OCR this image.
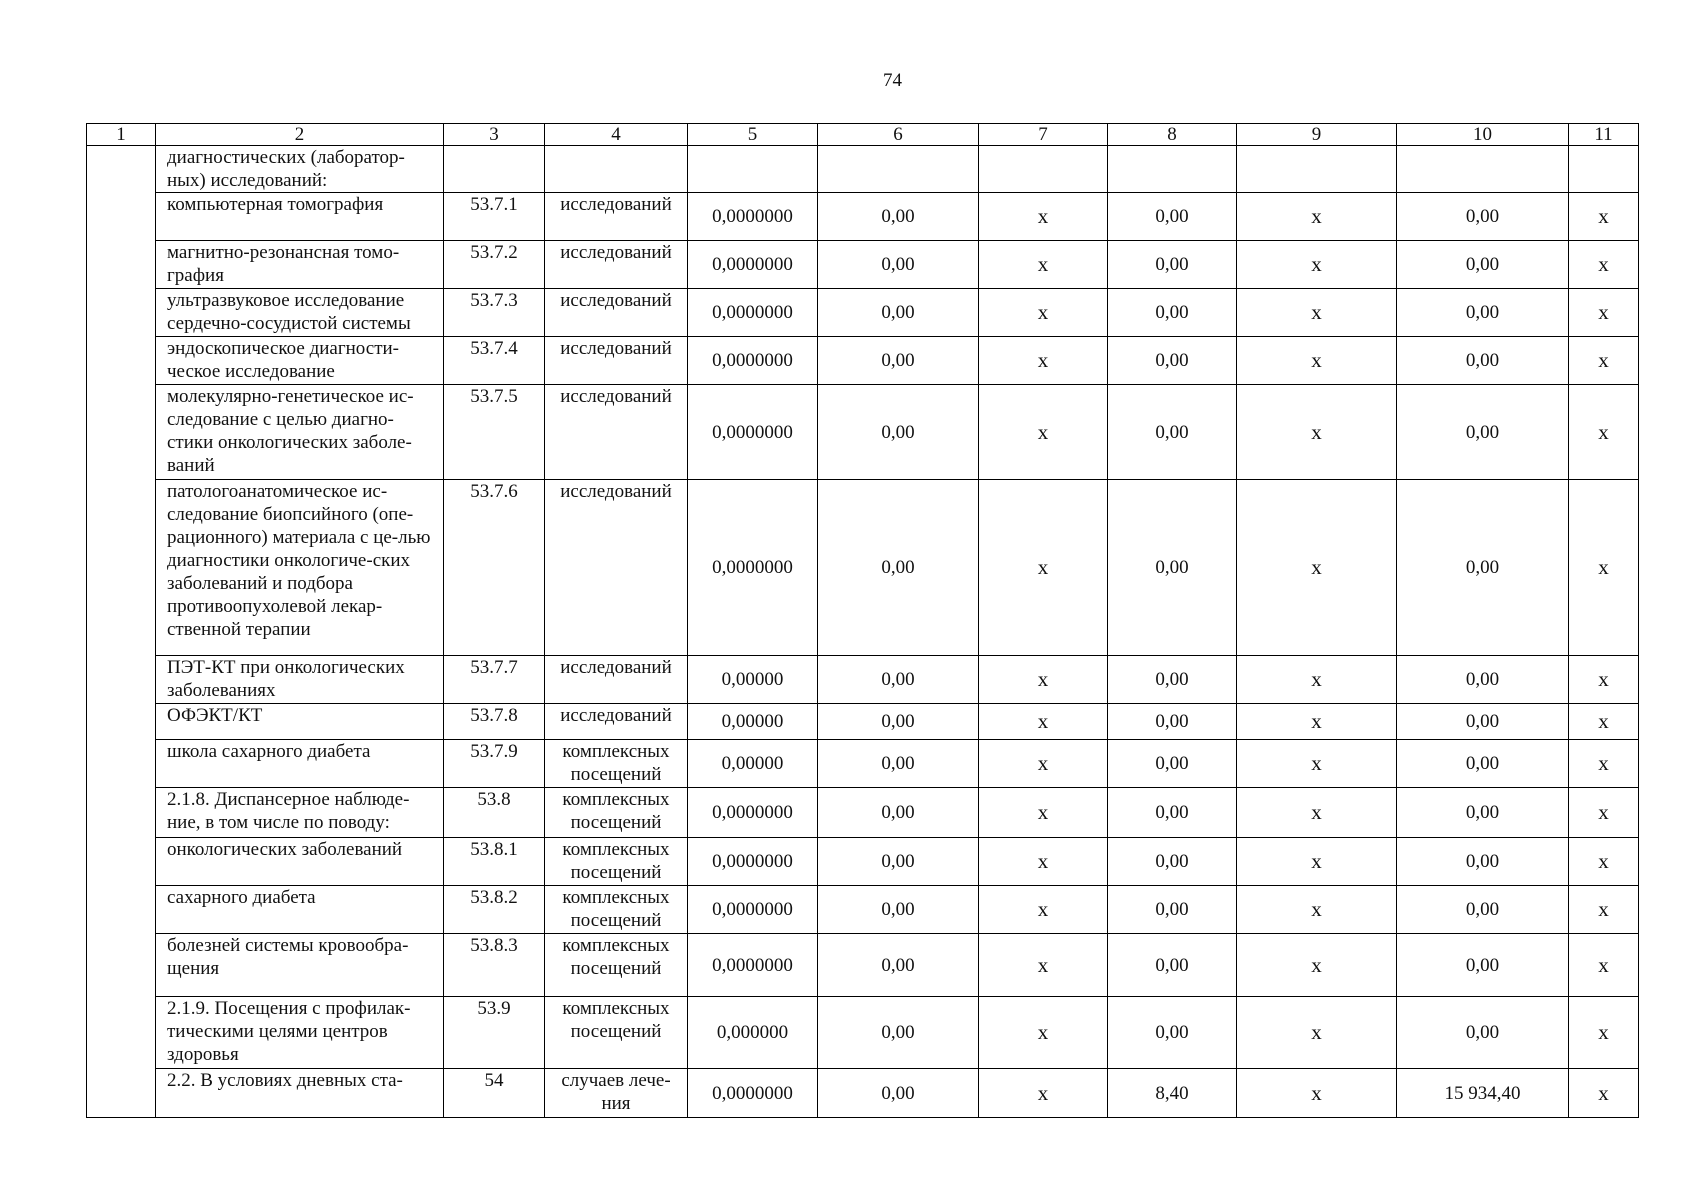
74
1	2	3	4	5	6	7	8	9	10	11
	диагностических (лаборатор-ных) исследований:									
	компьютерная томография	53.7.1	исследований	0,0000000	0,00	х	0,00	х	0,00	х
	магнитно-резонансная томо-графия	53.7.2	исследований	0,0000000	0,00	х	0,00	х	0,00	х
	ультразвуковое исследование сердечно-сосудистой системы	53.7.3	исследований	0,0000000	0,00	х	0,00	х	0,00	х
	эндоскопическое диагности-ческое исследование	53.7.4	исследований	0,0000000	0,00	х	0,00	х	0,00	х
	молекулярно-генетическое ис-следование с целью диагно-стики онкологических заболе-ваний	53.7.5	исследований	0,0000000	0,00	х	0,00	х	0,00	х
	патологоанатомическое ис-следование биопсийного (опе-рационного) материала с це-лью диагностики онкологиче-ских заболеваний и подбора противоопухолевой лекар-ственной терапии	53.7.6	исследований	0,0000000	0,00	х	0,00	х	0,00	х
	ПЭТ-КТ при онкологических заболеваниях	53.7.7	исследований	0,00000	0,00	х	0,00	х	0,00	х
	ОФЭКТ/КТ	53.7.8	исследований	0,00000	0,00	х	0,00	х	0,00	х
	школа сахарного диабета	53.7.9	комплексных посещений	0,00000	0,00	х	0,00	х	0,00	х
	2.1.8. Диспансерное наблюде-ние, в том числе по поводу:	53.8	комплексных посещений	0,0000000	0,00	х	0,00	х	0,00	х
	онкологических заболеваний	53.8.1	комплексных посещений	0,0000000	0,00	х	0,00	х	0,00	х
	сахарного диабета	53.8.2	комплексных посещений	0,0000000	0,00	х	0,00	х	0,00	х
	болезней системы кровообра-щения	53.8.3	комплексных посещений	0,0000000	0,00	х	0,00	х	0,00	х
	2.1.9. Посещения с профилак-тическими целями центров здоровья	53.9	комплексных посещений	0,000000	0,00	х	0,00	х	0,00	х
	2.2. В условиях дневных ста-	54	случаев лече-ния	0,0000000	0,00	х	8,40	х	15 934,40	х
